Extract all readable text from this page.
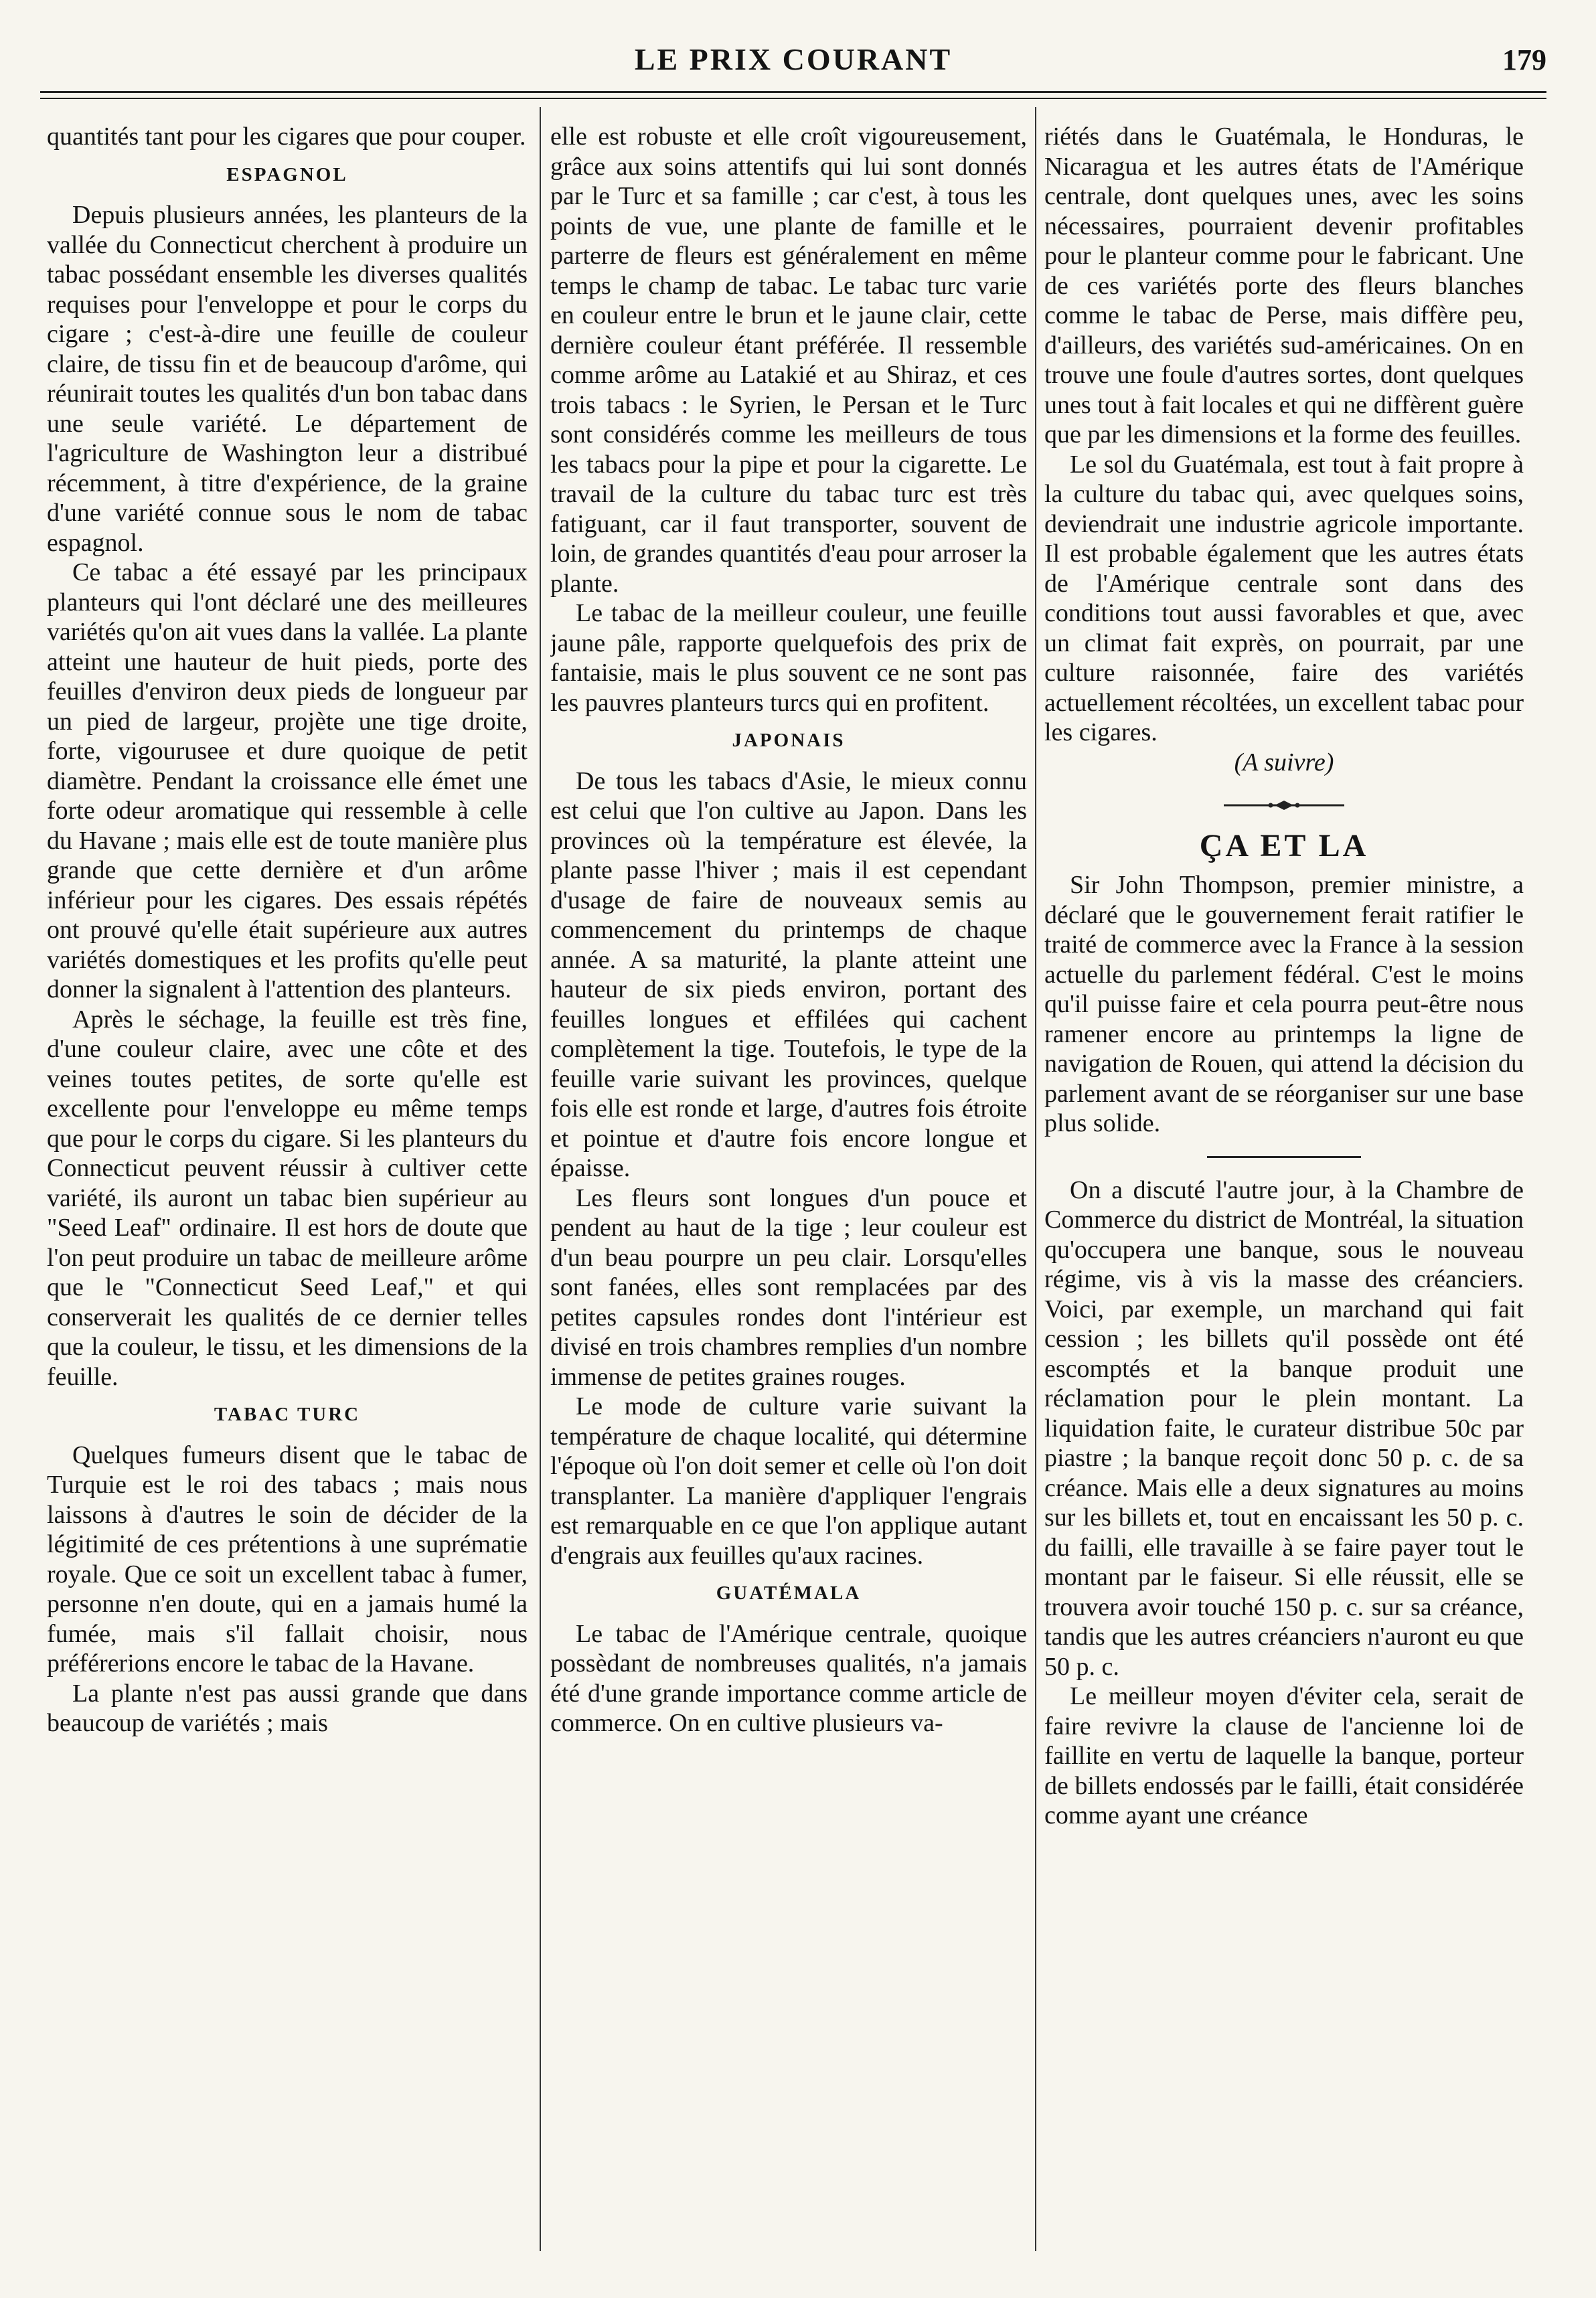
LE PRIX COURANT	179

quantités tant pour les cigares que pour couper.

ESPAGNOL

Depuis plusieurs années, les planteurs de la vallée du Connecticut cherchent à produire un tabac possédant ensemble les diverses qualités requises pour l'enveloppe et pour le corps du cigare ; c'est-à-dire une feuille de couleur claire, de tissu fin et de beaucoup d'arôme, qui réunirait toutes les qualités d'un bon tabac dans une seule variété. Le département de l'agriculture de Washington leur a distribué récemment, à titre d'expérience, de la graine d'une variété connue sous le nom de tabac espagnol.

Ce tabac a été essayé par les principaux planteurs qui l'ont déclaré une des meilleures variétés qu'on ait vues dans la vallée. La plante atteint une hauteur de huit pieds, porte des feuilles d'environ deux pieds de longueur par un pied de largeur, projète une tige droite, forte, vigourusee et dure quoique de petit diamètre. Pendant la croissance elle émet une forte odeur aromatique qui ressemble à celle du Havane ; mais elle est de toute manière plus grande que cette dernière et d'un arôme inférieur pour les cigares. Des essais répétés ont prouvé qu'elle était supérieure aux autres variétés domestiques et les profits qu'elle peut donner la signalent à l'attention des planteurs.

Après le séchage, la feuille est très fine, d'une couleur claire, avec une côte et des veines toutes petites, de sorte qu'elle est excellente pour l'enveloppe eu même temps que pour le corps du cigare. Si les planteurs du Connecticut peuvent réussir à cultiver cette variété, ils auront un tabac bien supérieur au "Seed Leaf" ordinaire. Il est hors de doute que l'on peut produire un tabac de meilleure arôme que le "Connecticut Seed Leaf," et qui conserverait les qualités de ce dernier telles que la couleur, le tissu, et les dimensions de la feuille.

TABAC TURC

Quelques fumeurs disent que le tabac de Turquie est le roi des tabacs ; mais nous laissons à d'autres le soin de décider de la légitimité de ces prétentions à une suprématie royale. Que ce soit un excellent tabac à fumer, personne n'en doute, qui en a jamais humé la fumée, mais s'il fallait choisir, nous préférerions encore le tabac de la Havane.

La plante n'est pas aussi grande que dans beaucoup de variétés ; mais

elle est robuste et elle croît vigoureusement, grâce aux soins attentifs qui lui sont donnés par le Turc et sa famille ; car c'est, à tous les points de vue, une plante de famille et le parterre de fleurs est généralement en même temps le champ de tabac. Le tabac turc varie en couleur entre le brun et le jaune clair, cette dernière couleur étant préférée. Il ressemble comme arôme au Latakié et au Shiraz, et ces trois tabacs : le Syrien, le Persan et le Turc sont considérés comme les meilleurs de tous les tabacs pour la pipe et pour la cigarette. Le travail de la culture du tabac turc est très fatiguant, car il faut transporter, souvent de loin, de grandes quantités d'eau pour arroser la plante.

Le tabac de la meilleur couleur, une feuille jaune pâle, rapporte quelquefois des prix de fantaisie, mais le plus souvent ce ne sont pas les pauvres planteurs turcs qui en profitent.

JAPONAIS

De tous les tabacs d'Asie, le mieux connu est celui que l'on cultive au Japon. Dans les provinces où la température est élevée, la plante passe l'hiver ; mais il est cependant d'usage de faire de nouveaux semis au commencement du printemps de chaque année. A sa maturité, la plante atteint une hauteur de six pieds environ, portant des feuilles longues et effilées qui cachent complètement la tige. Toutefois, le type de la feuille varie suivant les provinces, quelque fois elle est ronde et large, d'autres fois étroite et pointue et d'autre fois encore longue et épaisse.

Les fleurs sont longues d'un pouce et pendent au haut de la tige ; leur couleur est d'un beau pourpre un peu clair. Lorsqu'elles sont fanées, elles sont remplacées par des petites capsules rondes dont l'intérieur est divisé en trois chambres remplies d'un nombre immense de petites graines rouges.

Le mode de culture varie suivant la température de chaque localité, qui détermine l'époque où l'on doit semer et celle où l'on doit transplanter. La manière d'appliquer l'engrais est remarquable en ce que l'on applique autant d'engrais aux feuilles qu'aux racines.

GUATÉMALA

Le tabac de l'Amérique centrale, quoique possèdant de nombreuses qualités, n'a jamais été d'une grande importance comme article de commerce. On en cultive plusieurs va-

riétés dans le Guatémala, le Honduras, le Nicaragua et les autres états de l'Amérique centrale, dont quelques unes, avec les soins nécessaires, pourraient devenir profitables pour le planteur comme pour le fabricant. Une de ces variétés porte des fleurs blanches comme le tabac de Perse, mais diffère peu, d'ailleurs, des variétés sud-américaines. On en trouve une foule d'autres sortes, dont quelques unes tout à fait locales et qui ne diffèrent guère que par les dimensions et la forme des feuilles.

Le sol du Guatémala, est tout à fait propre à la culture du tabac qui, avec quelques soins, deviendrait une industrie agricole importante. Il est probable également que les autres états de l'Amérique centrale sont dans des conditions tout aussi favorables et que, avec un climat fait exprès, on pourrait, par une culture raisonnée, faire des variétés actuellement récoltées, un excellent tabac pour les cigares.

(A suivre)

ÇA ET LA

Sir John Thompson, premier ministre, a déclaré que le gouvernement ferait ratifier le traité de commerce avec la France à la session actuelle du parlement fédéral. C'est le moins qu'il puisse faire et cela pourra peut-être nous ramener encore au printemps la ligne de navigation de Rouen, qui attend la décision du parlement avant de se réorganiser sur une base plus solide.

On a discuté l'autre jour, à la Chambre de Commerce du district de Montréal, la situation qu'occupera une banque, sous le nouveau régime, vis à vis la masse des créanciers. Voici, par exemple, un marchand qui fait cession ; les billets qu'il possède ont été escomptés et la banque produit une réclamation pour le plein montant. La liquidation faite, le curateur distribue 50c par piastre ; la banque reçoit donc 50 p. c. de sa créance. Mais elle a deux signatures au moins sur les billets et, tout en encaissant les 50 p. c. du failli, elle travaille à se faire payer tout le montant par le faiseur. Si elle réussit, elle se trouvera avoir touché 150 p. c. sur sa créance, tandis que les autres créanciers n'auront eu que 50 p. c.

Le meilleur moyen d'éviter cela, serait de faire revivre la clause de l'ancienne loi de faillite en vertu de laquelle la banque, porteur de billets endossés par le failli, était considérée comme ayant une créance
